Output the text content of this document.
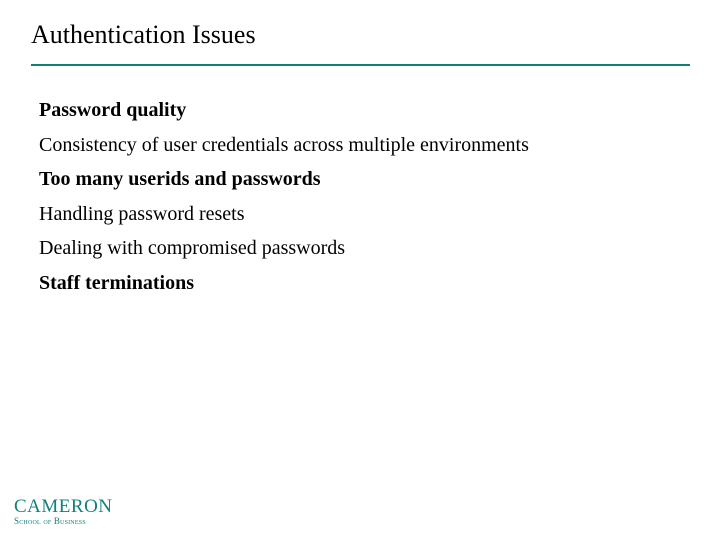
Authentication Issues
Password quality
Consistency of user credentials across multiple environments
Too many userids and passwords
Handling password resets
Dealing with compromised passwords
Staff terminations
CAMERON
School of Business
